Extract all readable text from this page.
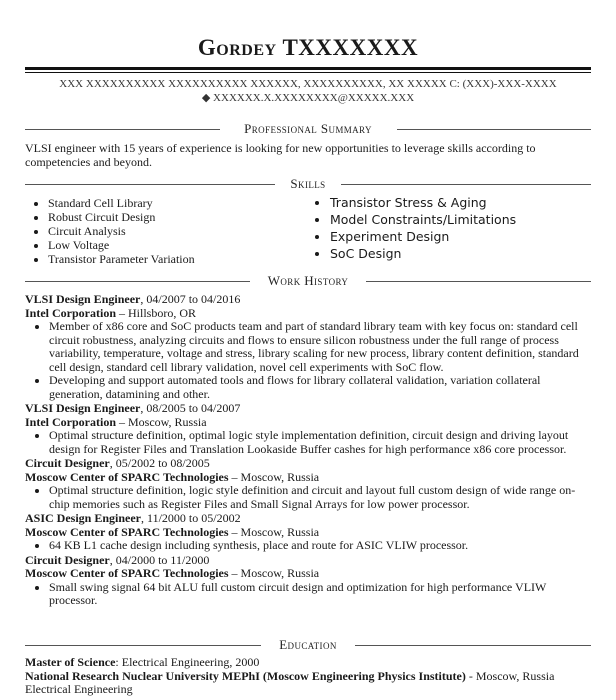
Gordey TXXXXXXX

XXX XXXXXXXXXX XXXXXXXXXX XXXXXX, XXXXXXXXXX, XX XXXXX C: (XXX)-XXX-XXXX

◆ XXXXXX.X.XXXXXXXX@XXXXX.XXX

Professional Summary

VLSI engineer with 15 years of experience is looking for new opportunities to leverage skills according to competencies and beyond.

Skills
• Standard Cell Library
• Robust Circuit Design
• Circuit Analysis
• Low Voltage
• Transistor Parameter Variation
• Transistor Stress & Aging
• Model Constraints/Limitations
• Experiment Design
• SoC Design
Work History
VLSI Design Engineer, 04/2007 to 04/2016
Intel Corporation – Hillsboro, OR
• Member of x86 core and SoC products team and part of standard library team with key focus on: standard cell circuit robustness, analyzing circuits and flows to ensure silicon robustness under the full range of process variability, temperature, voltage and stress, library scaling for new process, library content definition, standard cell design, standard cell library validation, novel cell experiments with SoC flow.
• Developing and support automated tools and flows for library collateral validation, variation collateral generation, datamining and other.
VLSI Design Engineer, 08/2005 to 04/2007
Intel Corporation – Moscow, Russia
• Optimal structure definition, optimal logic style implementation definition, circuit design and driving layout design for Register Files and Translation Lookaside Buffer cashes for high performance x86 core processor.
Circuit Designer, 05/2002 to 08/2005
Moscow Center of SPARC Technologies – Moscow, Russia
• Optimal structure definition, logic style definition and circuit and layout full custom design of wide range on-chip memories such as Register Files and Small Signal Arrays for low power processor.
ASIC Design Engineer, 11/2000 to 05/2002
Moscow Center of SPARC Technologies – Moscow, Russia
• 64 KB L1 cache design including synthesis, place and route for ASIC VLIW processor.
Circuit Designer, 04/2000 to 11/2000
Moscow Center of SPARC Technologies – Moscow, Russia
• Small swing signal 64 bit ALU full custom circuit design and optimization for high performance VLIW processor.
Education

Master of Science: Electrical Engineering, 2000

National Research Nuclear University MEPhI (Moscow Engineering Physics Institute) - Moscow, Russia

Electrical Engineering
